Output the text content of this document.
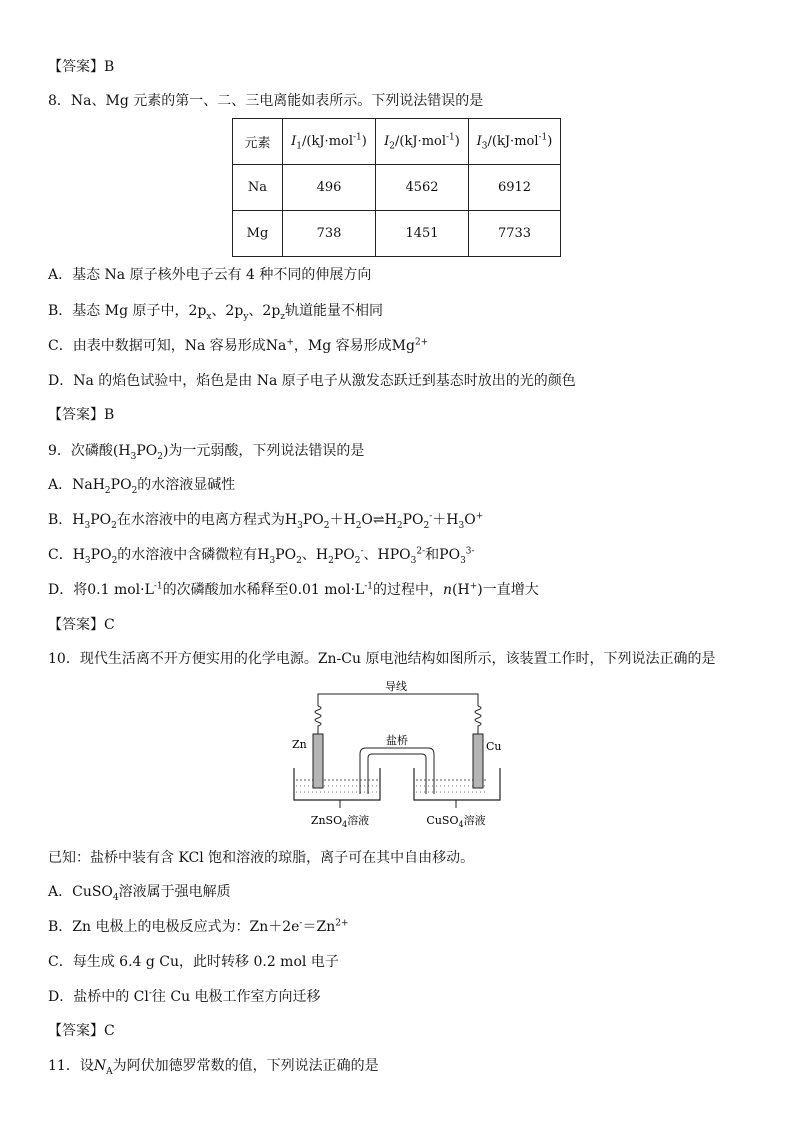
【答案】B
8．Na、Mg 元素的第一、二、三电离能如表所示。下列说法错误的是
元素	$I_1/(kJ\cdot mol^{-1})$	$I_2/(kJ\cdot mol^{-1})$	$I_3/(kJ\cdot mol^{-1})$
Na	496	4562	6912
Mg	738	1451	7733
A．基态 Na 原子核外电子云有 4 种不同的伸展方向
B．基态 Mg 原子中，$2p_x$、$2p_y$、$2p_z$轨道能量不相同
C．由表中数据可知，Na 容易形成Na+，Mg 容易形成$Mg^{2+}$
D．Na 的焰色试验中，焰色是由 Na 原子电子从激发态跃迁到基态时放出的光的颜色
【答案】B
9．次磷酸$(H_3PO_2)$为一元弱酸，下列说法错误的是
A．$NaH_2PO_2$的水溶液显碱性
B．$H_3PO_2$在水溶液中的电离方程式为$H_3PO_2+H_2O\rightleftharpoons H_2PO_2^-+H_3O^+$
C．$H_3PO_2$的水溶液中含磷微粒有$H_3PO_2$、$H_2PO_2^-$、$HPO_3^{2-}$和$PO_3^{3-}$
D．将0.1 $mol\cdot L^{-1}$的次磷酸加水稀释至0.01 $mol\cdot L^{-1}$的过程中，n(H+)一直增大
【答案】C
10．现代生活离不开方便实用的化学电源。Zn-Cu 原电池结构如图所示，该装置工作时，下列说法正确的是
导线
Zn	Cu
盐桥
ZnSO$_4$溶液	CuSO$_4$溶液
已知：盐桥中装有含 KCl 饱和溶液的琼脂，离子可在其中自由移动。
A．CuSO$_4$溶液属于强电解质
B．Zn 电极上的电极反应式为：$Zn+2e^-=Zn^{2+}$
C．每生成 6.4 g Cu，此时转移 0.2 mol 电子
D．盐桥中的 Cl-往 Cu 电极工作室方向迁移
【答案】C
11．设$N_A$为阿伏加德罗常数的值，下列说法正确的是
